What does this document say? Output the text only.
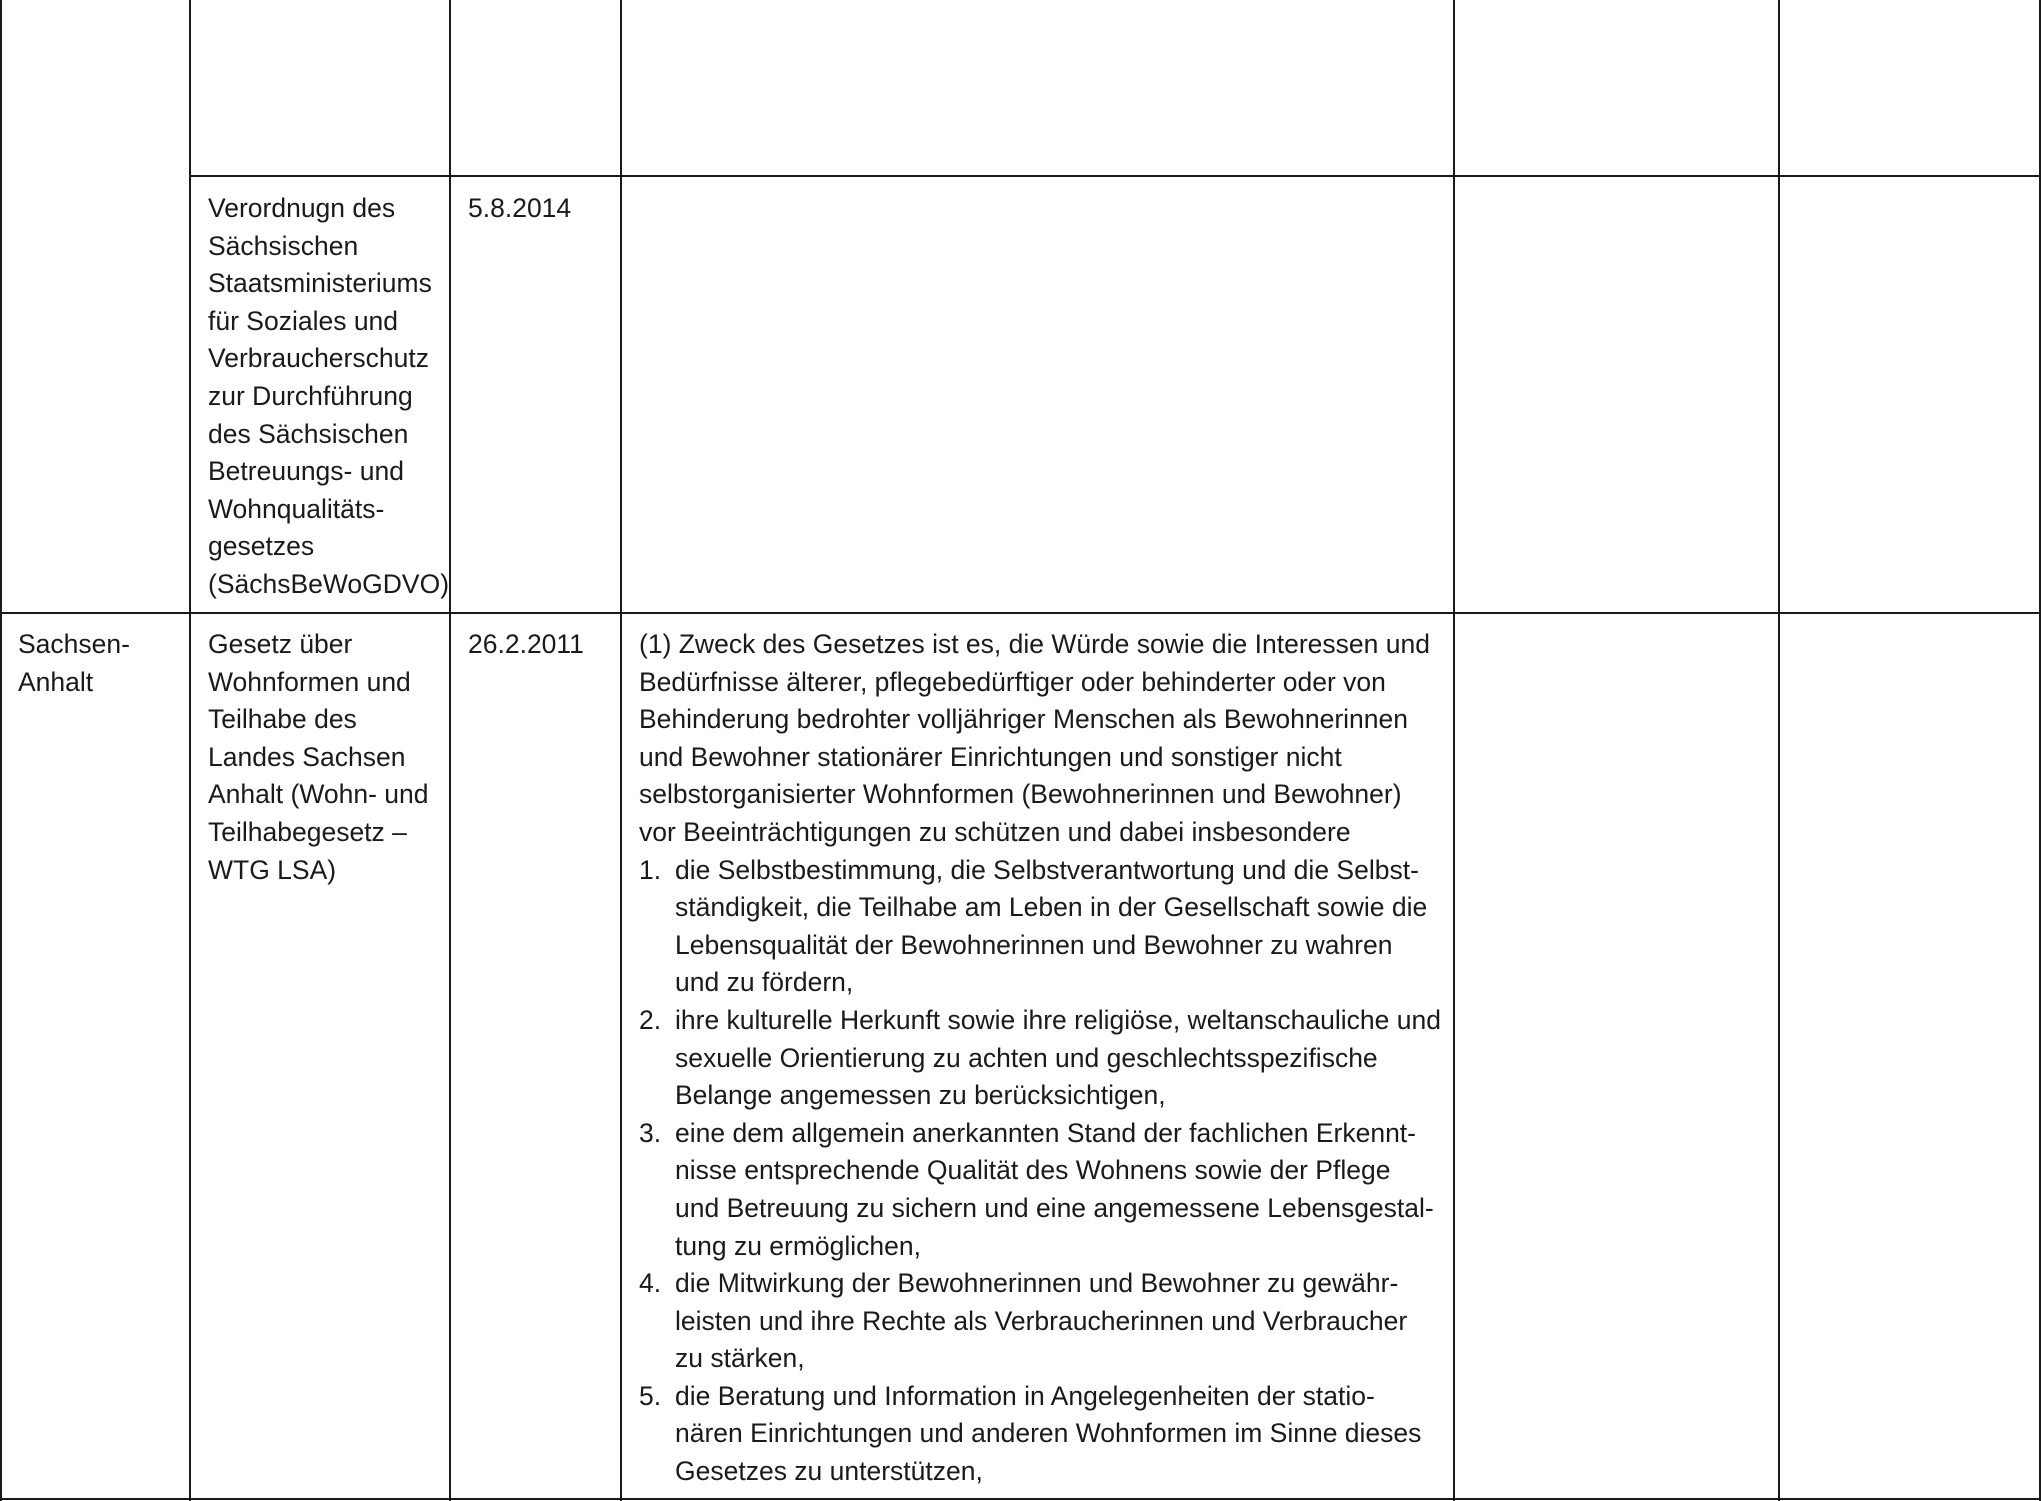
Verordnugn des
Sächsischen
Staatsministeriums
für Soziales und
Verbraucherschutz
zur Durchführung
des Sächsischen
Betreuungs- und
Wohnqualitäts-
gesetzes
(SächsBeWoGDVO)
5.8.2014
Sachsen-
Anhalt
Gesetz über
Wohnformen und
Teilhabe des
Landes Sachsen
Anhalt (Wohn- und
Teilhabegesetz –
WTG LSA)
26.2.2011 (1) Zweck des Gesetzes ist es, die Würde sowie die Interessen und
Bedürfnisse älterer, pflegebedürftiger oder behinderter oder von
Behinderung bedrohter volljähriger Menschen als Bewohnerinnen
und Bewohner stationärer Einrichtungen und sonstiger nicht
selbstorganisierter Wohnformen (Bewohnerinnen und Bewohner)
vor Beeinträchtigungen zu schützen und dabei insbesondere
1. die Selbstbestimmung, die Selbstverantwortung und die Selbst-
ständigkeit, die Teilhabe am Leben in der Gesellschaft sowie die
Lebensqualität der Bewohnerinnen und Bewohner zu wahren
und zu fördern,
2. ihre kulturelle Herkunft sowie ihre religiöse, weltanschauliche und
sexuelle Orientierung zu achten und geschlechtsspezifische
Belange angemessen zu berücksichtigen,
3. eine dem allgemein anerkannten Stand der fachlichen Erkennt-
nisse entsprechende Qualität des Wohnens sowie der Pflege
und Betreuung zu sichern und eine angemessene Lebensgestal-
tung zu ermöglichen,
4. die Mitwirkung der Bewohnerinnen und Bewohner zu gewähr-
leisten und ihre Rechte als Verbraucherinnen und Verbraucher
zu stärken,
5. die Beratung und Information in Angelegenheiten der statio-
nären Einrichtungen und anderen Wohnformen im Sinne dieses
Gesetzes zu unterstützen,
